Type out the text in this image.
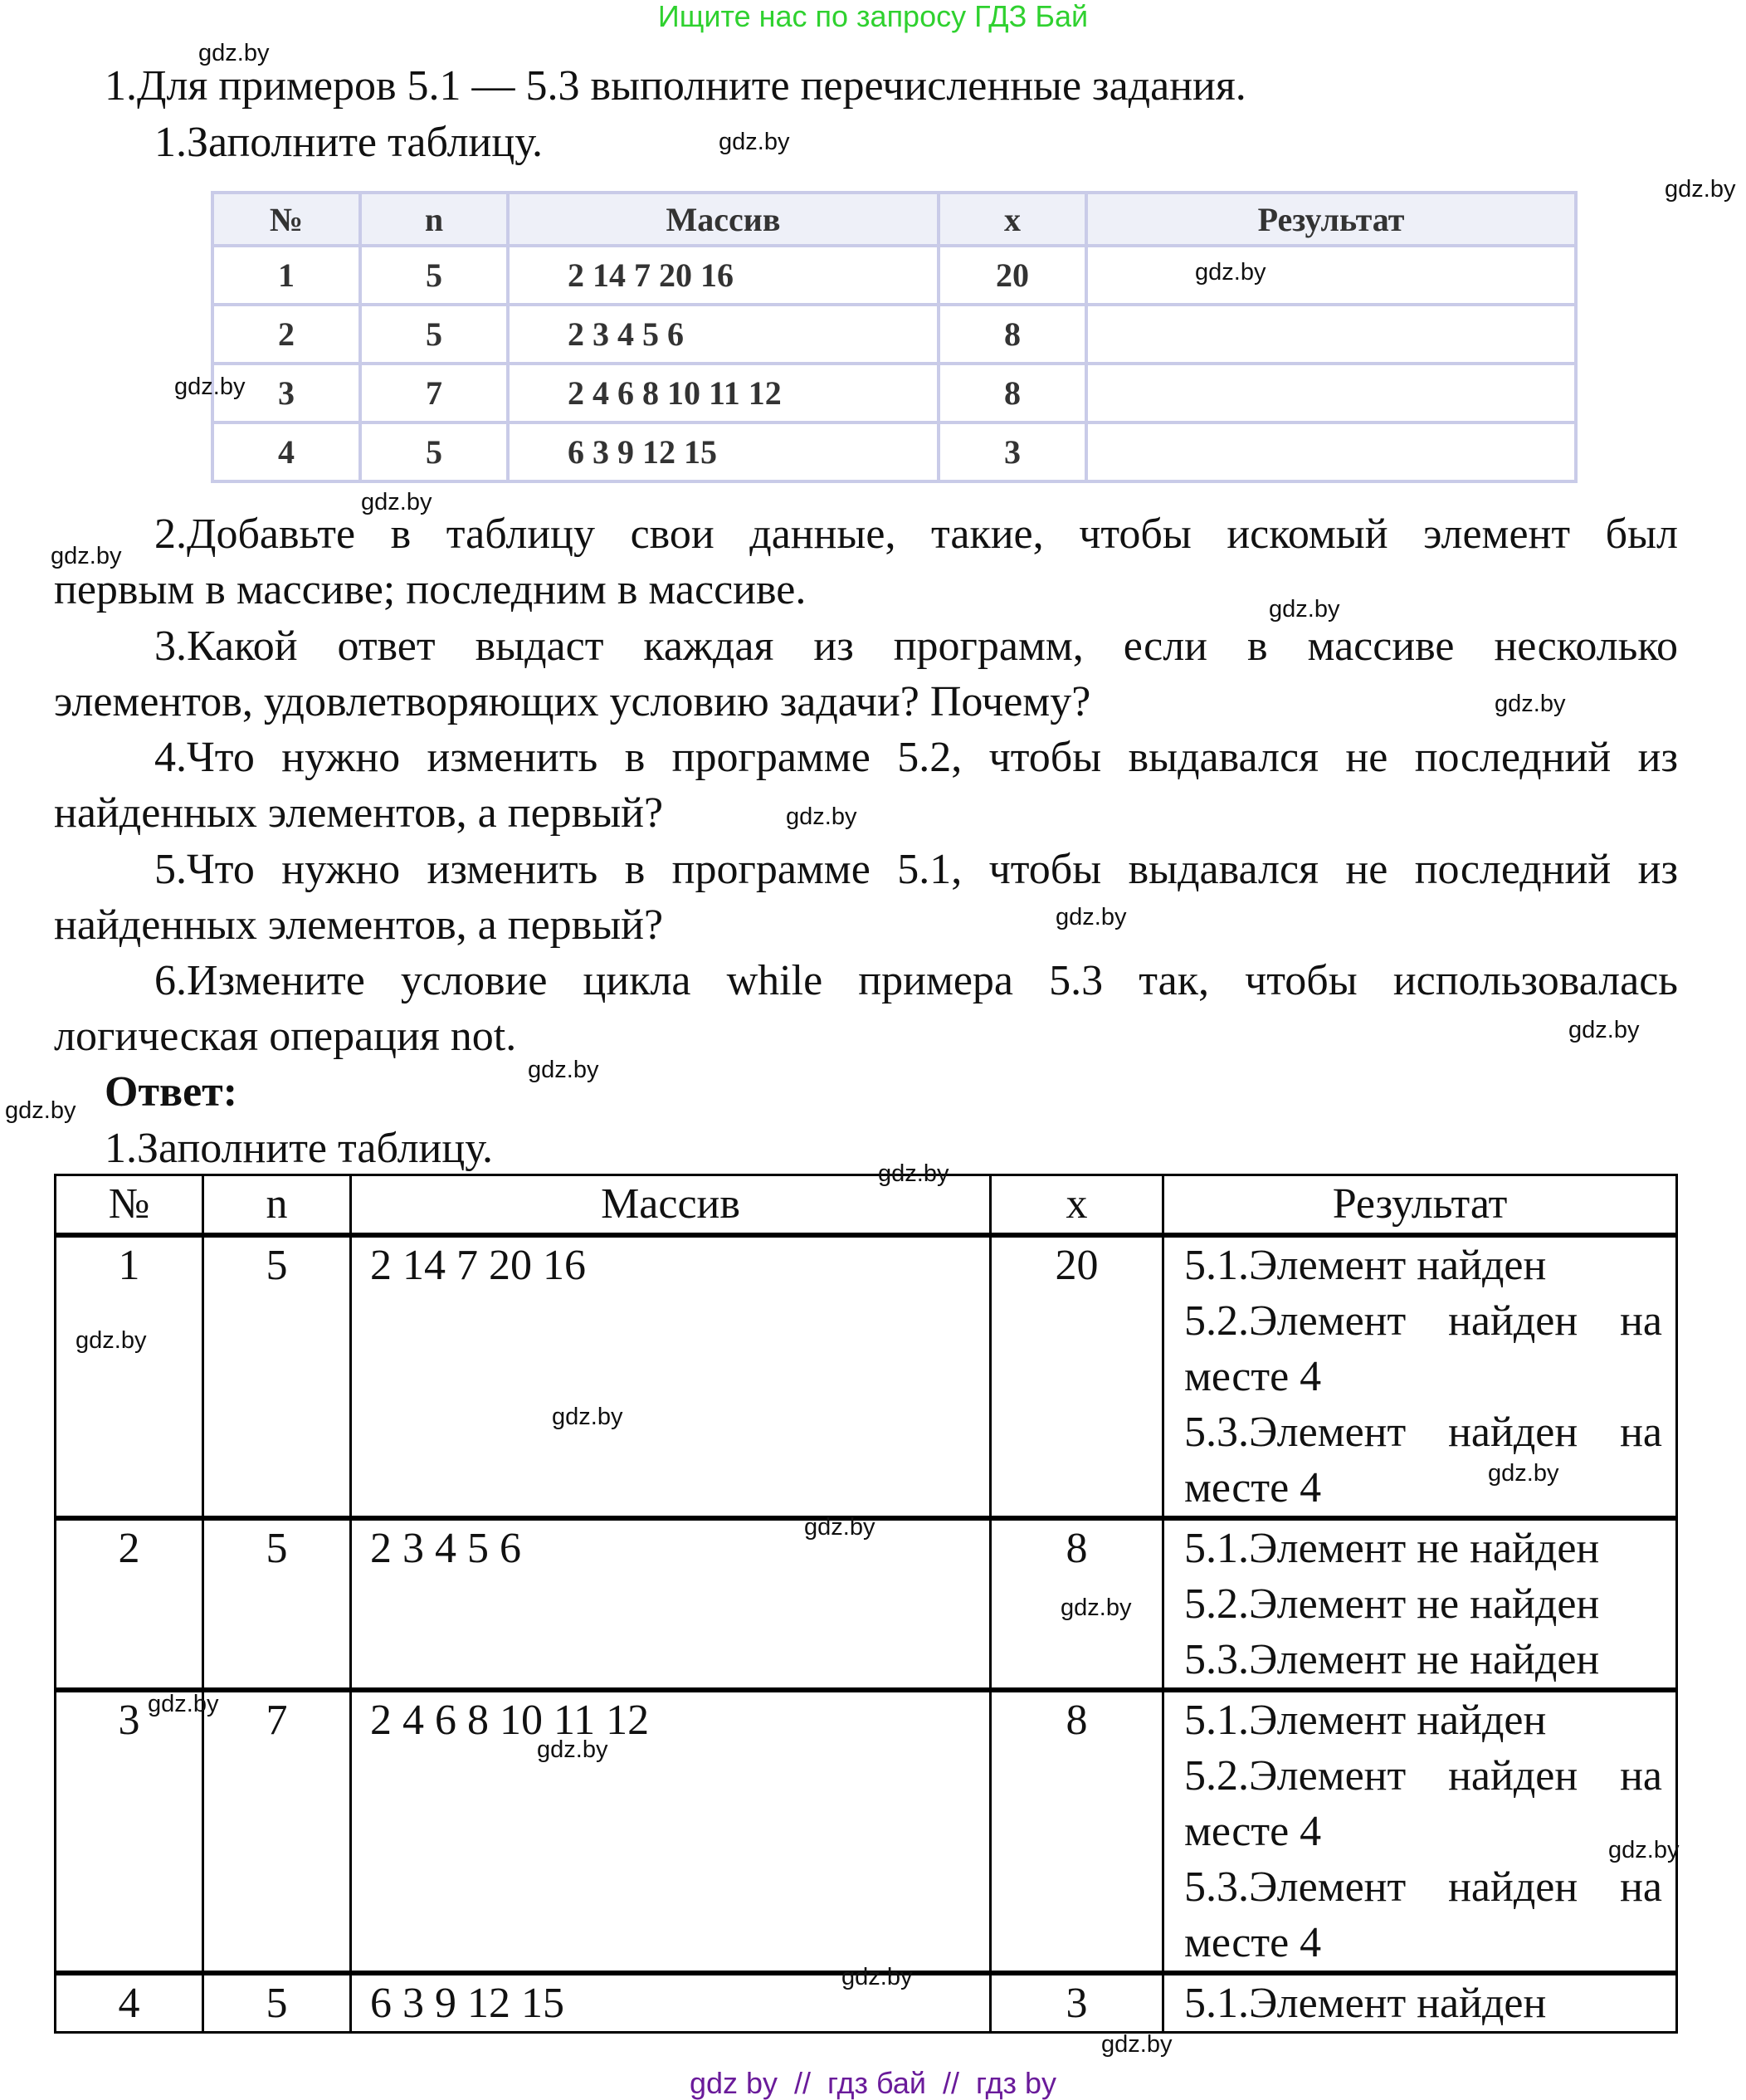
Ищите нас по запросу ГДЗ Бай
1.Для примеров 5.1 — 5.3 выполните перечисленные задания.
1.Заполните таблицу.
№	n	Массив	x	Результат
1	5	2 14 7 20 16	20	
2	5	2 3 4 5 6	8	
3	7	2 4 6 8 10 11 12	8	
4	5	6 3 9 12 15	3	
2.Добавьте в таблицу свои данные, такие, чтобы искомый элемент был
первым в массиве; последним в массиве.
3.Какой ответ выдаст каждая из программ, если в массиве несколько
элементов, удовлетворяющих условию задачи? Почему?
4.Что нужно изменить в программе 5.2, чтобы выдавался не последний из
найденных элементов, а первый?
5.Что нужно изменить в программе 5.1, чтобы выдавался не последний из
найденных элементов, а первый?
6.Измените условие цикла while примера 5.3 так, чтобы использовалась
логическая операция not.
Ответ:
1.Заполните таблицу.
№	n	Массив	x	Результат
1	5	2 14 7 20 16	20	5.1.Элемент найден
5.2.Элемент найден на месте 4
5.3.Элемент найден на месте 4

2	5	2 3 4 5 6	8	5.1.Элемент не найден
5.2.Элемент не найден
5.3.Элемент не найден

3	7	2 4 6 8 10 11 12	8	5.1.Элемент найден
5.2.Элемент найден на месте 4
5.3.Элемент найден на месте 4

4	5	6 3 9 12 15	3	5.1.Элемент найден
gdz.by
gdz.by
gdz.by
gdz.by
gdz.by
gdz.by
gdz.by
gdz.by
gdz.by
gdz.by
gdz.by
gdz.by
gdz.by
gdz.by
gdz.by
gdz.by
gdz.by
gdz.by
gdz.by
gdz.by
gdz.by
gdz.by
gdz.by
gdz.by
gdz.by
gdz by  //  гдз бай  //  гдз by
